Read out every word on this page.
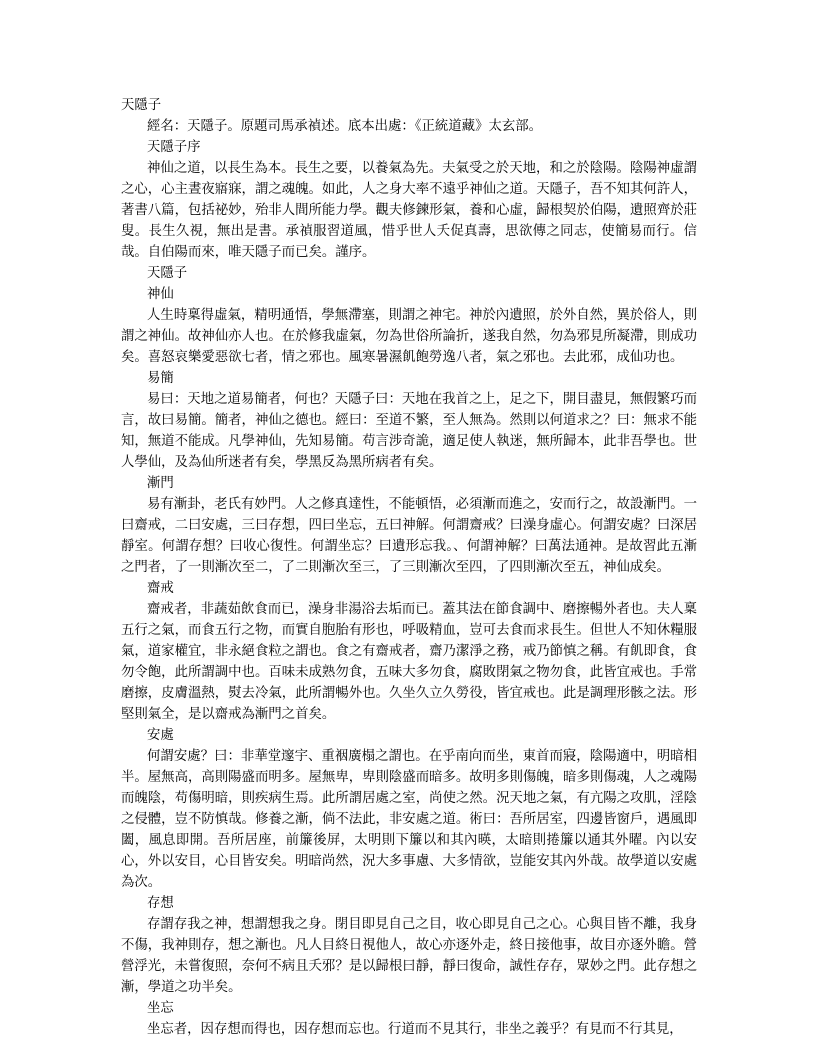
天隱子

經名：天隱子。原題司馬承禎述。底本出處：《正統道藏》太玄部。

天隱子序

神仙之道，以長生為本。長生之要，以養氣為先。夫氣受之於天地，和之於陰陽。陰陽神虛謂之心，心主晝夜寤寐，謂之魂魄。如此，人之身大率不遠乎神仙之道。天隱子，吾不知其何許人，著書八篇，包括祕妙，殆非人間所能力學。觀夫修鍊形氣，養和心虛，歸根契於伯陽，遺照齊於莊叟。長生久視，無出是書。承禎服習道風，惜乎世人夭促真壽，思欲傳之同志，使簡易而行。信哉。自伯陽而來，唯天隱子而已矣。謹序。

天隱子

神仙

人生時稟得虛氣，精明通悟，學無滯塞，則謂之神宅。神於內遺照，於外自然，異於俗人，則謂之神仙。故神仙亦人也。在於修我虛氣，勿為世俗所論折，遂我自然，勿為邪見所凝滯，則成功矣。喜怒哀樂愛惡欲七者，情之邪也。風寒暑濕飢飽勞逸八者，氣之邪也。去此邪，成仙功也。

易簡

易曰：天地之道易簡者，何也？天隱子曰：天地在我首之上，足之下，開目盡見，無假繁巧而言，故曰易簡。簡者，神仙之德也。經曰：至道不繁，至人無為。然則以何道求之？曰：無求不能知，無道不能成。凡學神仙，先知易簡。苟言涉奇詭，適足使人執迷，無所歸本，此非吾學也。世人學仙，及為仙所迷者有矣，學黑反為黑所病者有矣。

漸門

易有漸卦，老氏有妙門。人之修真達性，不能頓悟，必須漸而進之，安而行之，故設漸門。一曰齋戒，二曰安處，三曰存想，四曰坐忘，五曰神解。何謂齋戒？曰澡身虛心。何謂安處？曰深居靜室。何謂存想？曰收心復性。何謂坐忘？曰遺形忘我。、何謂神解？曰萬法通神。是故習此五漸之門者，了一則漸次至二，了二則漸次至三，了三則漸次至四，了四則漸次至五，神仙成矣。

齋戒

齋戒者，非蔬茹飲食而已，澡身非湯浴去垢而已。蓋其法在節食調中、磨擦暢外者也。夫人稟五行之氣，而食五行之物，而實自胞胎有形也，呼吸精血，豈可去食而求長生。但世人不知休糧服氣，道家權宜，非永絕食粒之謂也。食之有齋戒者，齋乃潔淨之務，戒乃節慎之稱。有飢即食，食勿令飽，此所謂調中也。百味未成熟勿食，五味大多勿食，腐敗閉氣之物勿食，此皆宜戒也。手常磨擦，皮膚溫熱，熨去冷氣，此所謂暢外也。久坐久立久勞役，皆宜戒也。此是調理形骸之法。形堅則氣全，是以齋戒為漸門之首矣。

安處

何謂安處？曰：非華堂邃宇、重裀廣榻之謂也。在乎南向而坐，東首而寢，陰陽適中，明暗相半。屋無高，高則陽盛而明多。屋無卑，卑則陰盛而暗多。故明多則傷魄，暗多則傷魂，人之魂陽而魄陰，苟傷明暗，則疾病生焉。此所謂居處之室，尚使之然。況天地之氣，有亢陽之攻肌，淫陰之侵體，豈不防慎哉。修養之漸，倘不法此，非安處之道。術曰：吾所居室，四邊皆窗戶，遇風即闔，風息即開。吾所居座，前簾後屏，太明則下簾以和其內暎，太暗則捲簾以通其外曜。內以安心，外以安目，心目皆安矣。明暗尚然，況大多事慮、大多情欲，豈能安其內外哉。故學道以安處為次。

存想

存謂存我之神，想謂想我之身。閉目即見自己之目，收心即見自己之心。心與目皆不離，我身不傷，我神則存，想之漸也。凡人目終日視他人，故心亦逐外走，終日接他事，故目亦逐外瞻。營營浮光，未嘗復照，奈何不病且夭邪？是以歸根曰靜，靜曰復命，誠性存存，眾妙之門。此存想之漸，學道之功半矣。

坐忘

坐忘者，因存想而得也，因存想而忘也。行道而不見其行，非坐之義乎？有見而不行其見，
